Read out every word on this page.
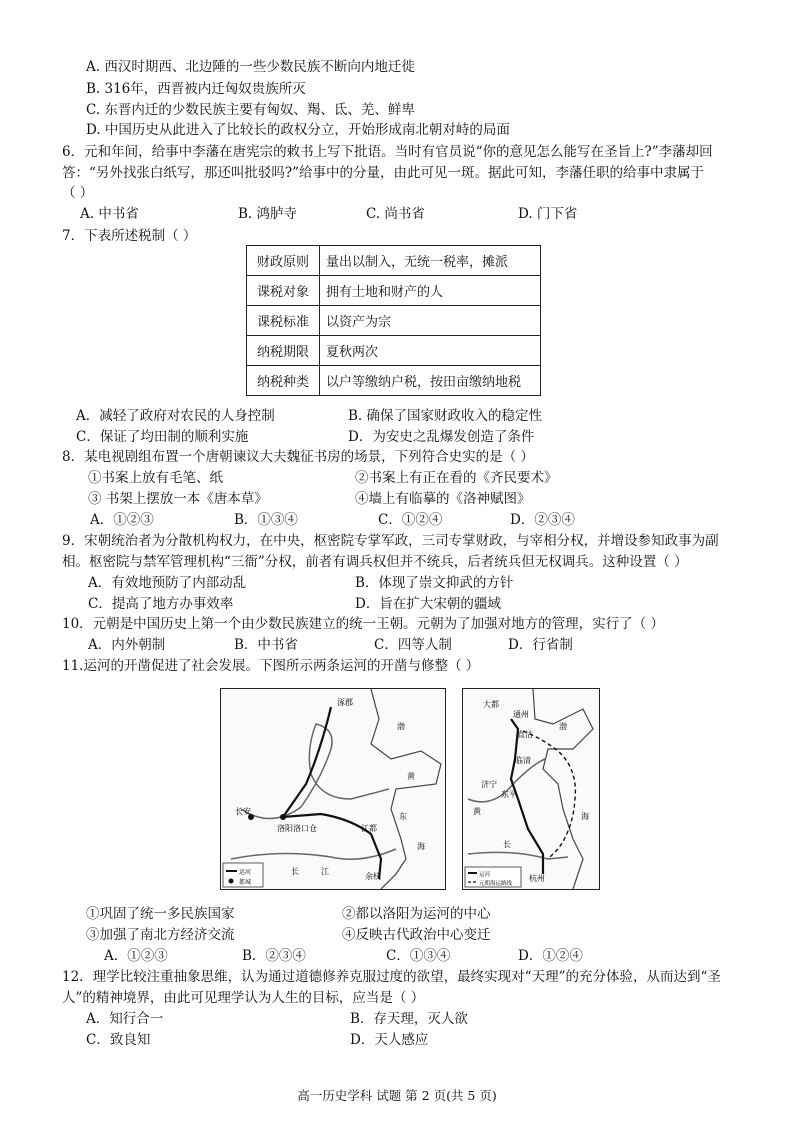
A. 西汉时期西、北边陲的一些少数民族不断向内地迁徙
B. 316年，西晋被内迁匈奴贵族所灭
C. 东晋内迁的少数民族主要有匈奴、羯、氐、羌、鲜卑
D. 中国历史从此进入了比较长的政权分立，开始形成南北朝对峙的局面
6．元和年间，给事中李藩在唐宪宗的敕书上写下批语。当时有官员说“你的意见怎么能写在圣旨上?”李藩却回
答：“另外找张白纸写，那还叫批驳吗?”给事中的分量，由此可见一斑。据此可知，李藩任职的给事中隶属于
（ ）
A. 中书省	B. 鸿胪寺	C. 尚书省	D. 门下省
7．下表所述税制（ ）
财政原则	量出以制入，无统一税率，摊派
课税对象	拥有土地和财产的人
课税标准	以资产为宗
纳税期限	夏秋两次
纳税种类	以户等缴纳户税，按田亩缴纳地税
A．减轻了政府对农民的人身控制	B. 确保了国家财政收入的稳定性
C．保证了均田制的顺利实施	D．为安史之乱爆发创造了条件
8．某电视剧组布置一个唐朝谏议大夫魏征书房的场景，下列符合史实的是（ ）
①书案上放有毛笔、纸	②书案上有正在看的《齐民要术》
③ 书架上摆放一本《唐本草》	④墙上有临摹的《洛神赋图》
A．①②③	B．①③④	C．①②④	D．②③④
9．宋朝统治者为分散机构权力，在中央，枢密院专掌军政，三司专掌财政，与宰相分权，并增设参知政事为副
相。枢密院与禁军管理机构“三衙”分权，前者有调兵权但并不统兵，后者统兵但无权调兵。这种设置（ ）
A．有效地预防了内部动乱	B．体现了崇文抑武的方针
C．提高了地方办事效率	D．旨在扩大宋朝的疆域
10．元朝是中国历史上第一个由少数民族建立的统一王朝。元朝为了加强对地方的管理，实行了（ ）
A．内外朝制	B．中书省	C．四等人制	D．行省制
11.运河的开凿促进了社会发展。下图所示两条运河的开凿与修整（ ）
涿郡
渤
黄
海
东
长安
洛阳 洛口仓	江都
余杭
长	江
运河
都城
大都
通州
直沽
济宁
临清
东平
黄
渤
海
长
杭州
运河
元朝海运路线
①巩固了统一多民族国家	②都以洛阳为运河的中心
③加强了南北方经济交流	④反映古代政治中心变迁
A．①②③	B．②③④	C．①③④	D．①②④
12．理学比较注重抽象思维，认为通过道德修养克服过度的欲望，最终实现对“天理”的充分体验，从而达到“圣
人”的精神境界，由此可见理学认为人生的目标，应当是（ ）
A．知行合一	B．存天理，灭人欲
C．致良知	D．天人感应
高一历史学科 试题 第 2 页(共 5 页)
